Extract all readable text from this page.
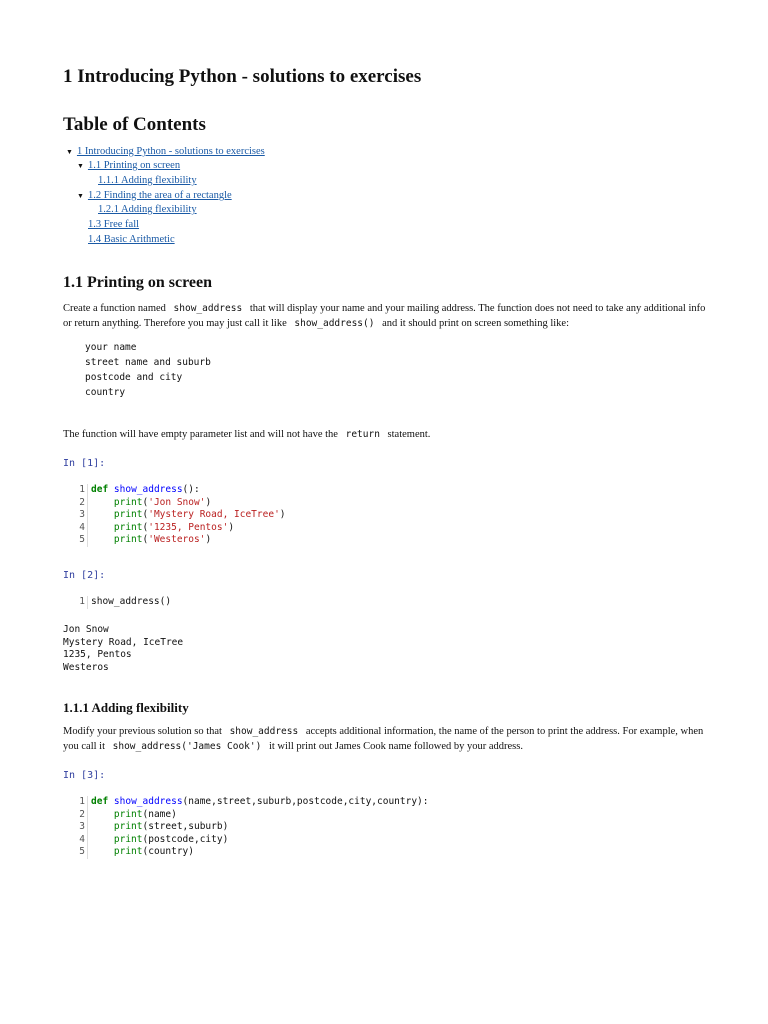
1 Introducing Python - solutions to exercises
Table of Contents
▼ 1 Introducing Python - solutions to exercises
▼ 1.1 Printing on screen
1.1.1 Adding flexibility
▼ 1.2 Finding the area of a rectangle
1.2.1 Adding flexibility
1.3 Free fall
1.4 Basic Arithmetic
1.1 Printing on screen
Create a function named show_address that will display your name and your mailing address. The function does not need to take any additional info or return anything. Therefore you may just call it like show_address() and it should print on screen something like:
your name
street name and suburb
postcode and city
country
The function will have empty parameter list and will not have the return statement.
In [1]:
1
2
3
4
5
def show_address():
print('Jon Snow')
print('Mystery Road, IceTree')
print('1235, Pentos')
print('Westeros')
In [2]:
1 show_address()
Jon Snow
Mystery Road, IceTree
1235, Pentos
Westeros
1.1.1 Adding flexibility
Modify your previous solution so that show_address accepts additional information, the name of the person to print the address. For example, when you call it show_address('James Cook') it will print out James Cook name followed by your address.
In [3]:
1
2
3
4
5
def show_address(name,street,suburb,postcode,city,country):
print(name)
print(street,suburb)
print(postcode,city)
print(country)
